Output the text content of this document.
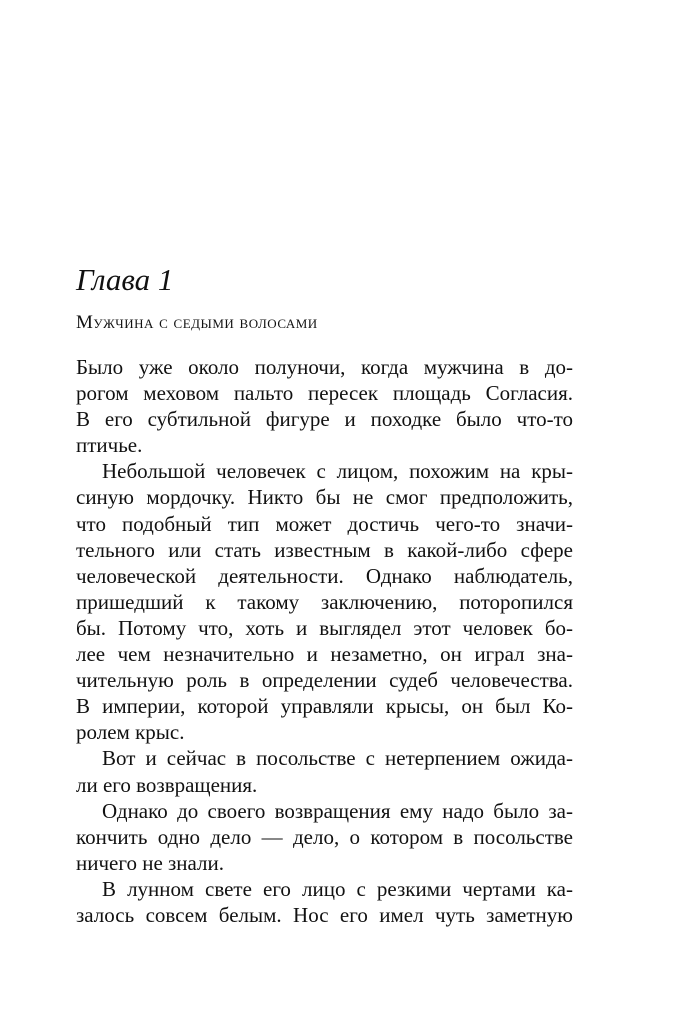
Глава 1
Мужчина с седыми волосами
Было уже около полуночи, когда мужчина в до-
рогом меховом пальто пересек площадь Согласия.
В его субтильной фигуре и походке было что-то
птичье.
Небольшой человечек с лицом, похожим на кры-
синую мордочку. Никто бы не смог предположить,
что подобный тип может достичь чего-то значи-
тельного или стать известным в какой-либо сфере
человеческой деятельности. Однако наблюдатель,
пришедший к такому заключению, поторопился
бы. Потому что, хоть и выглядел этот человек бо-
лее чем незначительно и незаметно, он играл зна-
чительную роль в определении судеб человечества.
В империи, которой управляли крысы, он был Ко-
ролем крыс.
Вот и сейчас в посольстве с нетерпением ожида-
ли его возвращения.
Однако до своего возвращения ему надо было за-
кончить одно дело — дело, о котором в посольстве
ничего не знали.
В лунном свете его лицо с резкими чертами ка-
залось совсем белым. Нос его имел чуть заметную
